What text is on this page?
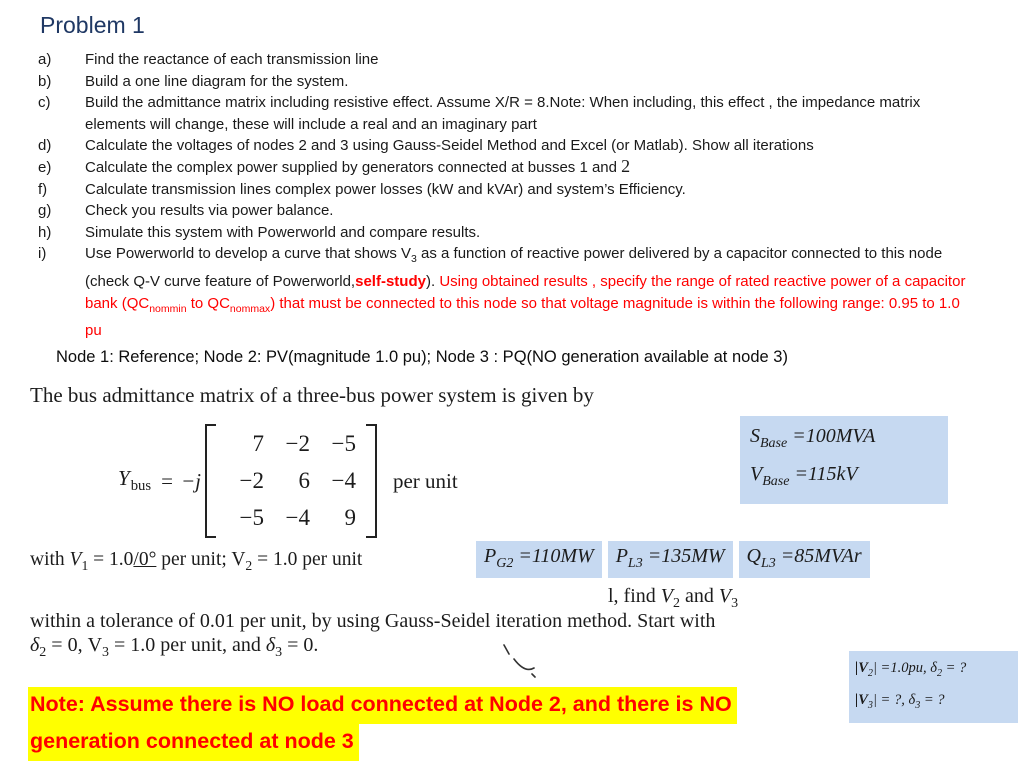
Problem 1
a)	Find the reactance of each transmission line
b)	Build a one line diagram for the system.
c)	Build the admittance matrix including resistive effect. Assume X/R = 8.Note: When including, this effect , the impedance matrix elements will change, these will include a real and an imaginary part
d)	Calculate the voltages of nodes 2 and 3 using Gauss-Seidel Method and Excel (or Matlab). Show all iterations
e)	Calculate the complex power supplied by generators connected at busses 1 and 2
f)	Calculate transmission lines complex power losses (kW and kVAr) and system’s Efficiency.
g)	Check you results via power balance.
h)	Simulate this system with Powerworld and compare results.
i)	Use Powerworld to develop a curve that shows $V_3$ as a function of reactive power delivered by a capacitor connected to this node (check Q-V curve feature of Powerworld,self-study). Using obtained results , specify the range of rated reactive power of a capacitor bank ($QC_{nommin}$ to $QC_{nommax}$) that must be connected to this node so that voltage magnitude is within the following range: 0.95 to 1.0 pu
Node 1: Reference; Node 2: PV(magnitude 1.0 pu); Node 3 : PQ(NO generation available at node 3)
The bus admittance matrix of a three-bus power system is given by
$Y_{bus} = -j$
7 −2 −5
−2	6 −4
−5 −4	9
per unit
$S_{Base} =100MVA$
$V_{Base} =115kV$
with $V_1 = 1.0/0^\circ$ per unit; $V_2 = 1.0$ per unit	$P_{G2} =110MW$	$P_{L3} =135MW$	$Q_{L3}$ =85MVAr
l, find $V_2$ and $V_3$
within a tolerance of 0.01 per unit, by using Gauss-Seidel iteration method. Start with
$\delta_2 = 0$, $V_3 = 1.0$ per unit, and $\delta_3 = 0$.
$|V_2| =1.0pu$, $\delta_2$ = ?
$|V_3|$ = ?, $\delta_3$ = ?
Note: Assume there is NO load connected at Node 2, and there is NO
generation connected at node 3
